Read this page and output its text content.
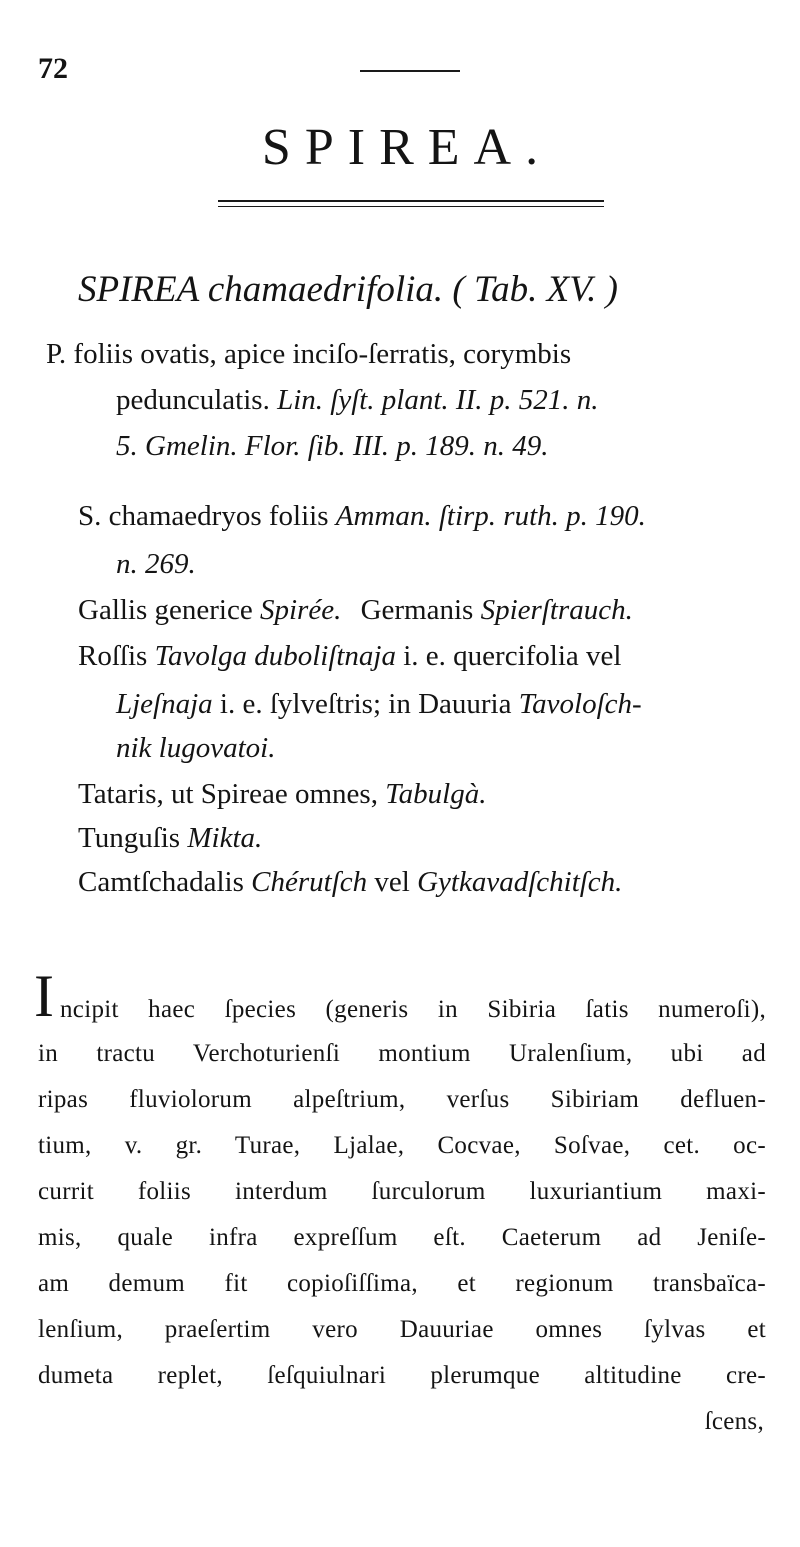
72
SPIREA.
SPIREA chamaedrifolia. ( Tab. XV. )
P. foliis ovatis, apice inciſo-ſerratis, corymbis
pedunculatis. Lin. ſyſt. plant. II. p. 521. n.
5. Gmelin. Flor. ſib. III. p. 189. n. 49.
S. chamaedryos foliis Amman. ſtirp. ruth. p. 190.
n. 269.
Gallis generice Spirée. Germanis Spierſtrauch.
Roſſis Tavolga duboliſtnaja i. e. quercifolia vel
Ljeſnaja i. e. ſylveſtris; in Dauuria Tavoloſch-
nik lugovatoi.
Tataris, ut Spireae omnes, Tabulgà.
Tunguſis Mikta.
Camtſchadalis Chérutſch vel Gytkavadſchitſch.
I ncipit haec ſpecies (generis in Sibiria ſatis numeroſi),
in tractu Verchoturienſi montium Uralenſium, ubi ad
ripas fluviolorum alpeſtrium, verſus Sibiriam defluen-
tium, v. gr. Turae, Ljalae, Cocvae, Soſvae, cet. oc-
currit foliis interdum ſurculorum luxuriantium maxi-
mis, quale infra expreſſum eſt. Caeterum ad Jeniſe-
am demum fit copioſiſſima, et regionum transbaïca-
lenſium, praeſertim vero Dauuriae omnes ſylvas et
dumeta replet, ſeſquiulnari plerumque altitudine cre-
ſcens,
